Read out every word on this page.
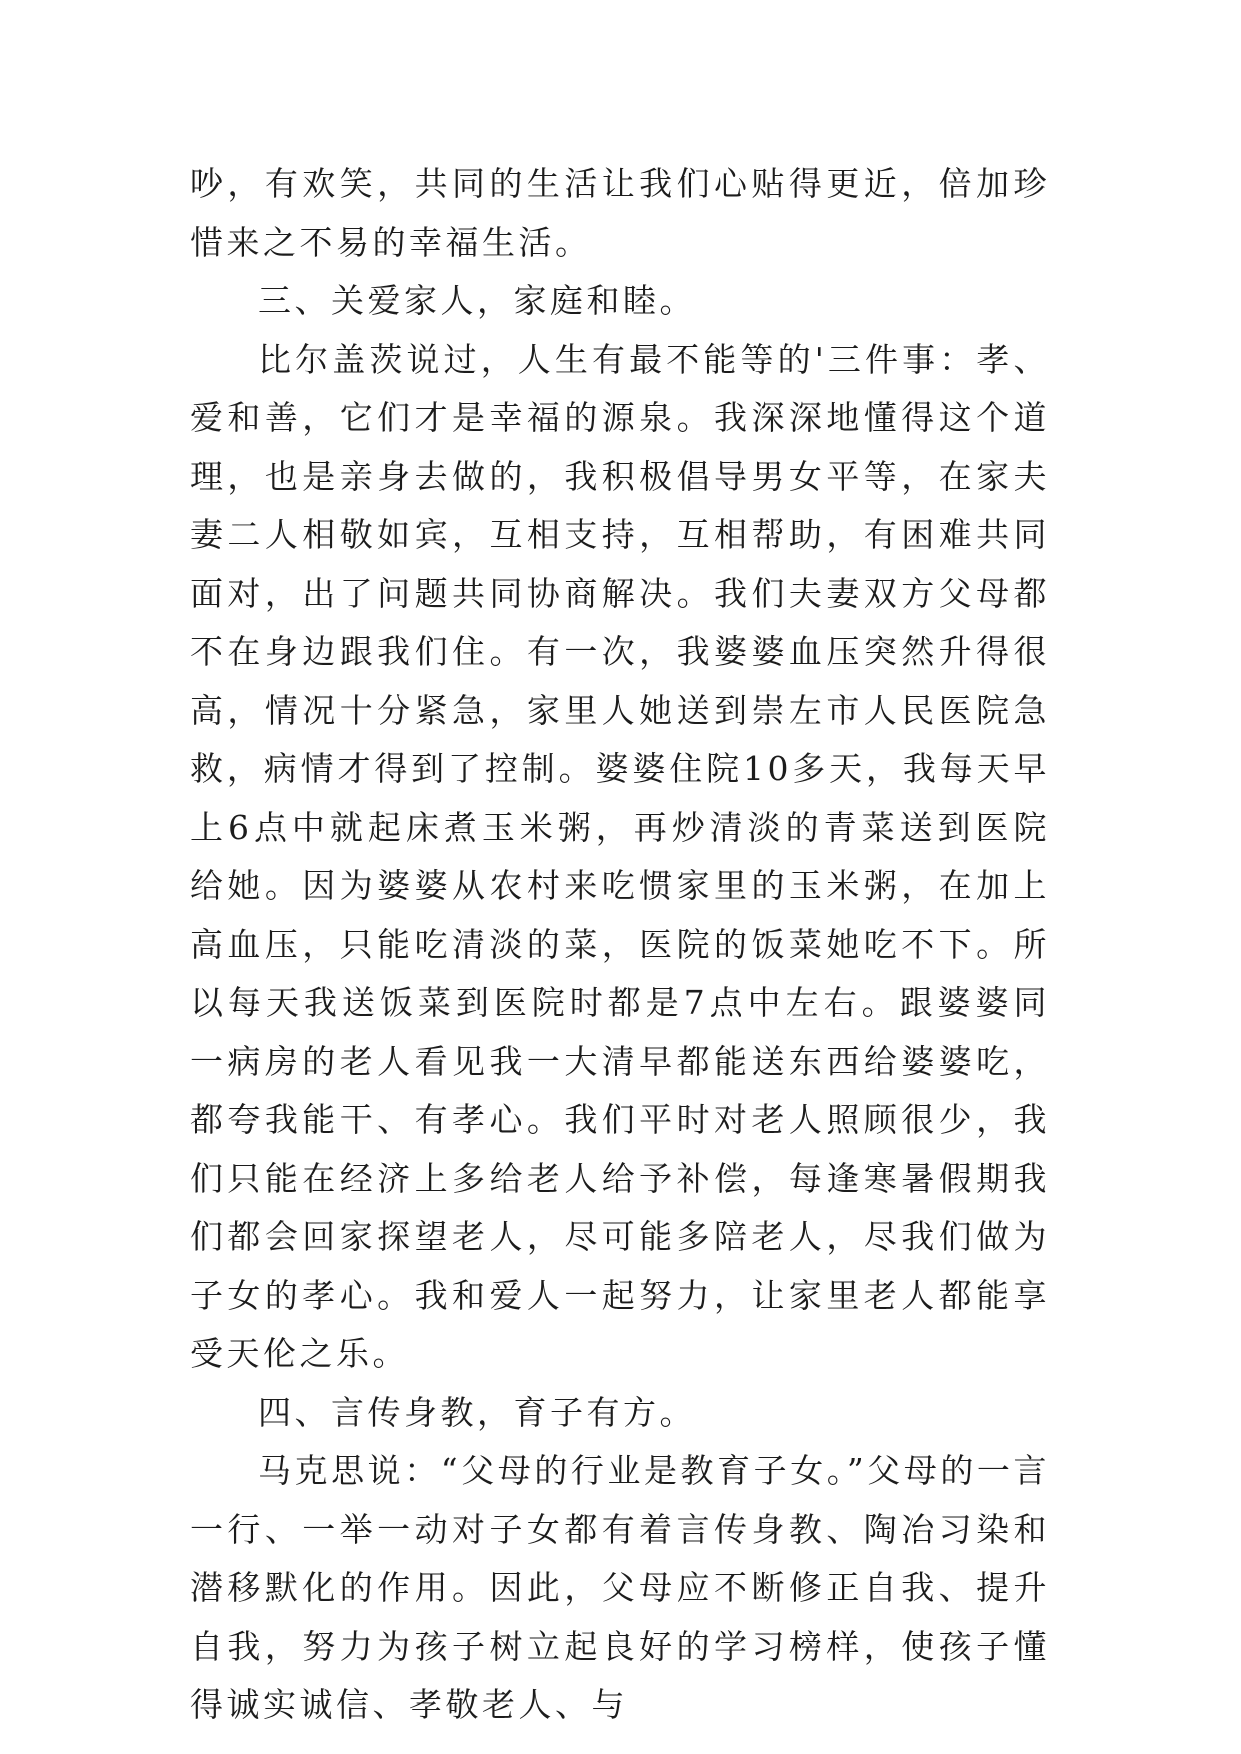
吵，有欢笑，共同的生活让我们心贴得更近，倍加珍惜来之不易的幸福生活。

三、关爱家人，家庭和睦。

比尔盖茨说过，人生有最不能等的'三件事：孝、爱和善，它们才是幸福的源泉。我深深地懂得这个道理，也是亲身去做的，我积极倡导男女平等，在家夫妻二人相敬如宾，互相支持，互相帮助，有困难共同面对，出了问题共同协商解决。我们夫妻双方父母都不在身边跟我们住。有一次，我婆婆血压突然升得很高，情况十分紧急，家里人她送到崇左市人民医院急救，病情才得到了控制。婆婆住院10多天，我每天早上6点中就起床煮玉米粥，再炒清淡的青菜送到医院给她。因为婆婆从农村来吃惯家里的玉米粥，在加上高血压，只能吃清淡的菜，医院的饭菜她吃不下。所以每天我送饭菜到医院时都是7点中左右。跟婆婆同一病房的老人看见我一大清早都能送东西给婆婆吃，都夸我能干、有孝心。我们平时对老人照顾很少，我们只能在经济上多给老人给予补偿，每逢寒暑假期我们都会回家探望老人，尽可能多陪老人，尽我们做为子女的孝心。我和爱人一起努力，让家里老人都能享受天伦之乐。

四、言传身教，育子有方。

马克思说：“父母的行业是教育子女。”父母的一言一行、一举一动对子女都有着言传身教、陶冶习染和潜移默化的作用。因此，父母应不断修正自我、提升自我，努力为孩子树立起良好的学习榜样，使孩子懂得诚实诚信、孝敬老人、与
